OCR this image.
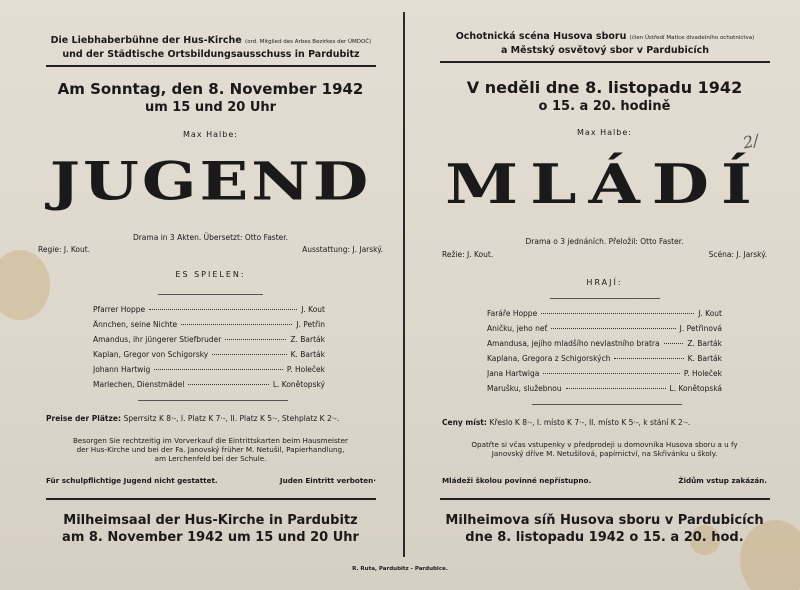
Die Liebhaberbühne der Hus-Kirche (ord. Mitglied des Arbes Bezirkes der ÚMDOČ)
und der Städtische Ortsbildungsausschuss in Pardubitz
Am Sonntag, den 8. November 1942
um 15 und 20 Uhr
Max Halbe:
JUGEND
Drama in 3 Akten. Übersetzt: Otto Faster.
Regie: J. Kout.	Ausstattung: J. Jarský.
ES SPIELEN:
Pfarrer Hoppe	J. Kout
Ännchen, seine Nichte	J. Petřin
Amandus, ihr jüngerer Stiefbruder	Z. Barták
Kaplan, Gregor von Schigorsky	K. Barták
Johann Hartwig	P. Holeček
Marlechen, Dienstmädel	L. Konětopský
Preise der Plätze: Sperrsitz K 8·-, I. Platz K 7·-, II. Platz K 5·-, Stehplatz K 2·-.
Besorgen Sie rechtzeitig im Vorverkauf die Eintrittskarten beim Hausmeister
der Hus-Kirche und bei der Fa. Janovský früher M. Netušil, Papierhandlung,
am Lerchenfeld bei der Schule.
Für schulpflichtige Jugend nicht gestattet.	Juden Eintritt verboten·
Milheimsaal der Hus-Kirche in Pardubitz
am 8. November 1942 um 15 und 20 Uhr
Ochotnická scéna Husova sboru (člen Ústředí Matice divadelního ochotnictva)
a Městský osvětový sbor v Pardubicích
V neděli dne 8. listopadu 1942
o 15. a 20. hodině
Max Halbe:	2/
MLÁDÍ
Drama o 3 jednáních. Přeložil: Otto Faster.
Režie: J. Kout.	Scéna: J. Jarský.
HRAJÍ:
Faráře Hoppe	J. Kout
Aničku, jeho neť	J. Petřinová
Amandusa, jejího mladšího nevlastního bratra	Z. Barták
Kaplana, Gregora z Schigorských	K. Barták
Jana Hartwiga	P. Holeček
Marušku, služebnou	L. Konětopská
Ceny míst: Křeslo K 8·-, I. místo K 7·-, II. místo K 5·-, k stání K 2·-.
Opatřte si včas vstupenky v předprodeji u domovníka Husova sboru a u fy
Janovský dříve M. Netušilová, papírnictví, na Skřivánku u školy.
Mládeži školou povinné nepřístupno.	Židům vstup zakázán.
Milheimova síň Husova sboru v Pardubicích
dne 8. listopadu 1942 o 15. a 20. hod.
R. Ruta, Pardubitz - Pardubice.
